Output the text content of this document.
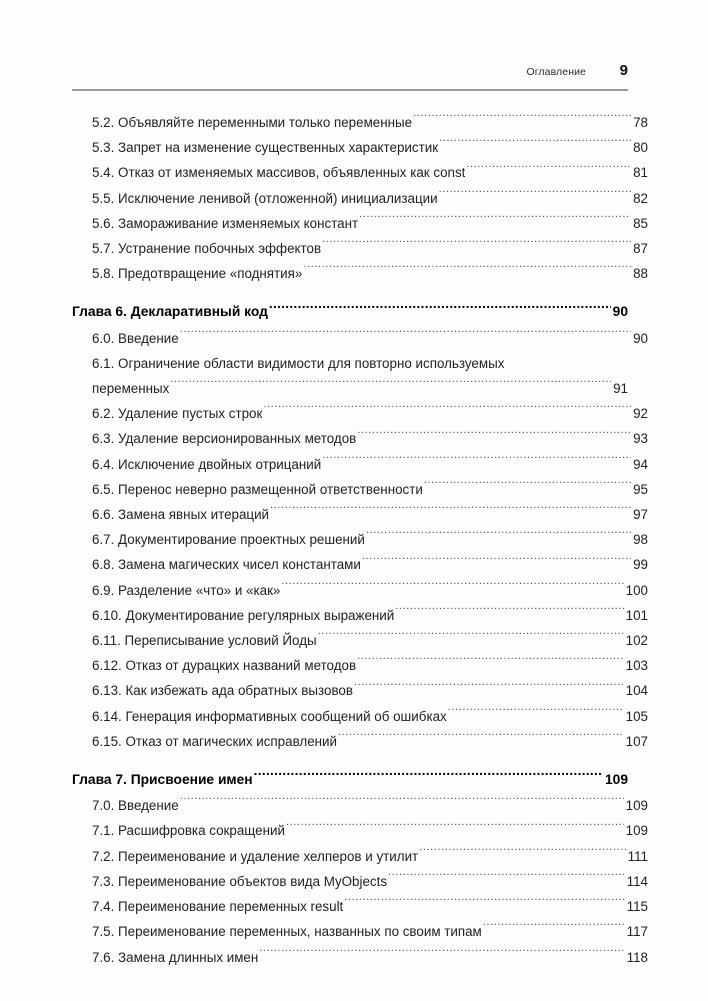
Оглавление	9
5.2. Объявляйте переменными только переменные .....	78
5.3. Запрет на изменение существенных характеристик .....	80
5.4. Отказ от изменяемых массивов, объявленных как const .....	81
5.5. Исключение ленивой (отложенной) инициализации .....	82
5.6. Замораживание изменяемых констант .....	85
5.7. Устранение побочных эффектов .....	87
5.8. Предотвращение «поднятия» .....	88
Глава 6. Декларативный код .....	90
6.0. Введение .....	90
6.1. Ограничение области видимости для повторно используемых
переменных .....	91
6.2. Удаление пустых строк .....	92
6.3. Удаление версионированных методов .....	93
6.4. Исключение двойных отрицаний .....	94
6.5. Перенос неверно размещенной ответственности .....	95
6.6. Замена явных итераций .....	97
6.7. Документирование проектных решений .....	98
6.8. Замена магических чисел константами .....	99
6.9. Разделение «что» и «как» .....	100
6.10. Документирование регулярных выражений .....	101
6.11. Переписывание условий Йоды .....	102
6.12. Отказ от дурацких названий методов .....	103
6.13. Как избежать ада обратных вызовов .....	104
6.14. Генерация информативных сообщений об ошибках .....	105
6.15. Отказ от магических исправлений .....	107
Глава 7. Присвоение имен .....	109
7.0. Введение .....	109
7.1. Расшифровка сокращений .....	109
7.2. Переименование и удаление хелперов и утилит .....	111
7.3. Переименование объектов вида MyObjects .....	114
7.4. Переименование переменных result .....	115
7.5. Переименование переменных, названных по своим типам .....	117
7.6. Замена длинных имен .....	118
